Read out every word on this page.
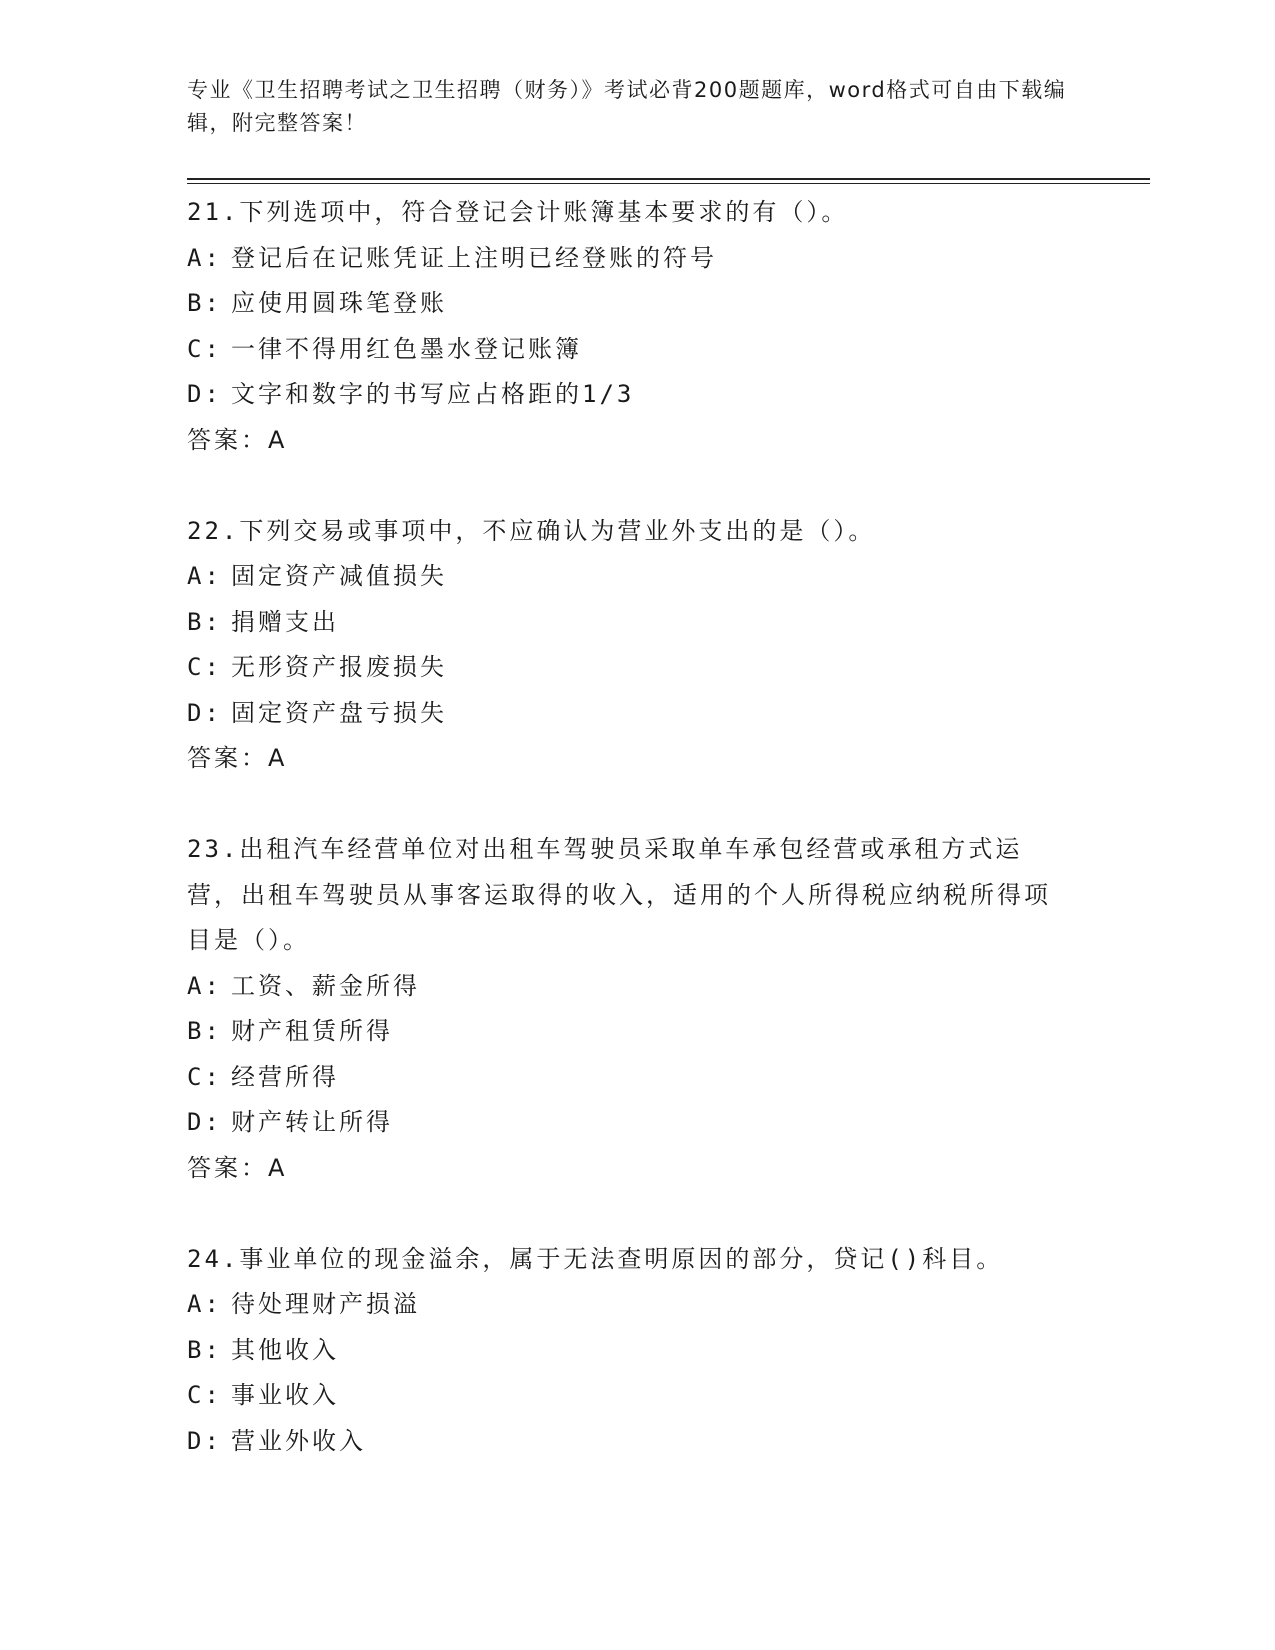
专业《卫生招聘考试之卫生招聘（财务）》考试必背200题题库，word格式可自由下载编辑，附完整答案！
21.下列选项中，符合登记会计账簿基本要求的有（）。
A: 登记后在记账凭证上注明已经登账的符号
B: 应使用圆珠笔登账
C: 一律不得用红色墨水登记账簿
D: 文字和数字的书写应占格距的1/3
答案：A
22.下列交易或事项中，不应确认为营业外支出的是（）。
A: 固定资产减值损失
B: 捐赠支出
C: 无形资产报废损失
D: 固定资产盘亏损失
答案：A
23.出租汽车经营单位对出租车驾驶员采取单车承包经营或承租方式运营，出租车驾驶员从事客运取得的收入，适用的个人所得税应纳税所得项目是（）。
A: 工资、薪金所得
B: 财产租赁所得
C: 经营所得
D: 财产转让所得
答案：A
24.事业单位的现金溢余，属于无法查明原因的部分，贷记()科目。
A: 待处理财产损溢
B: 其他收入
C: 事业收入
D: 营业外收入
